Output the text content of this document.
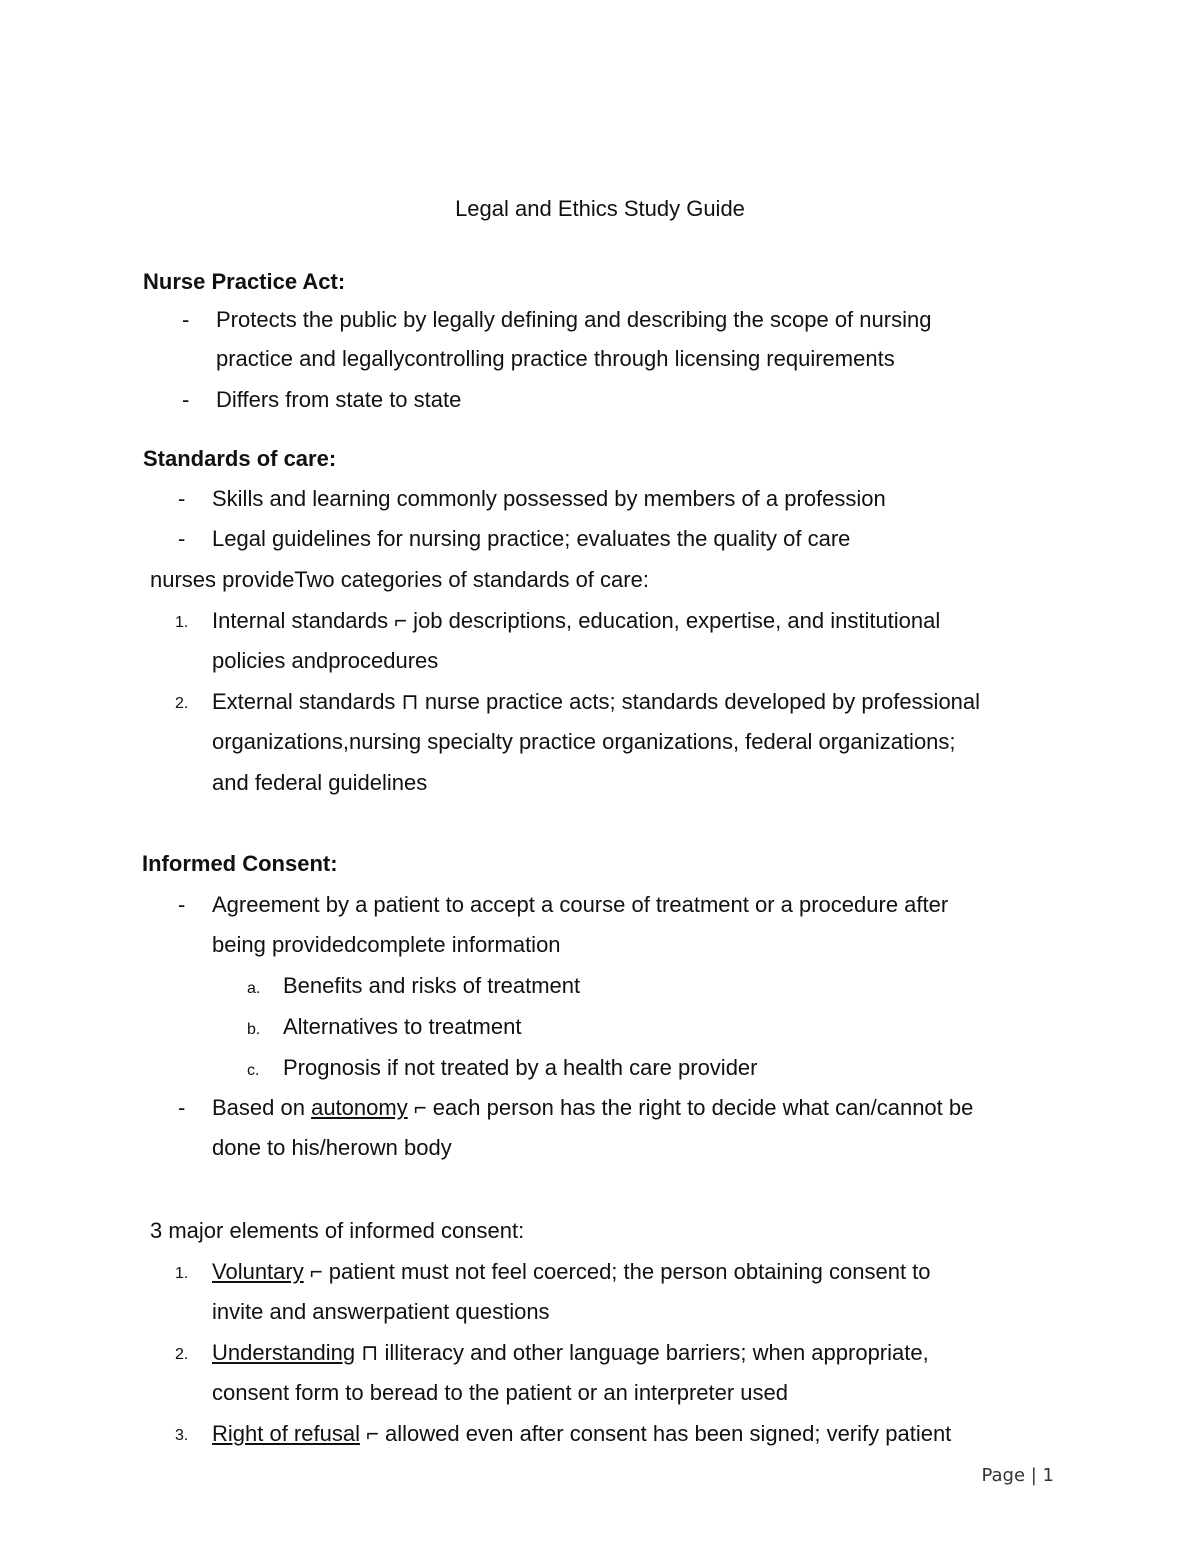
Legal and Ethics Study Guide
Nurse Practice Act:
- Protects the public by legally defining and describing the scope of nursing
practice and legallycontrolling practice through licensing requirements
- Differs from state to state
Standards of care:
- Skills and learning commonly possessed by members of a profession
- Legal guidelines for nursing practice; evaluates the quality of care
nurses provideTwo categories of standards of care:
1. Internal standards ⌐ job descriptions, education, expertise, and institutional
policies andprocedures
2. External standards ⊓ nurse practice acts; standards developed by professional
organizations,nursing specialty practice organizations, federal organizations;
and federal guidelines
Informed Consent:
- Agreement by a patient to accept a course of treatment or a procedure after
being providedcomplete information
a. Benefits and risks of treatment
b. Alternatives to treatment
c. Prognosis if not treated by a health care provider
- Based on autonomy ⌐ each person has the right to decide what can/cannot be
done to his/herown body
3 major elements of informed consent:
1. Voluntary ⌐ patient must not feel coerced; the person obtaining consent to
invite and answerpatient questions
2. Understanding ⊓ illiteracy and other language barriers; when appropriate,
consent form to beread to the patient or an interpreter used
3. Right of refusal ⌐ allowed even after consent has been signed; verify patient
Page | 1
